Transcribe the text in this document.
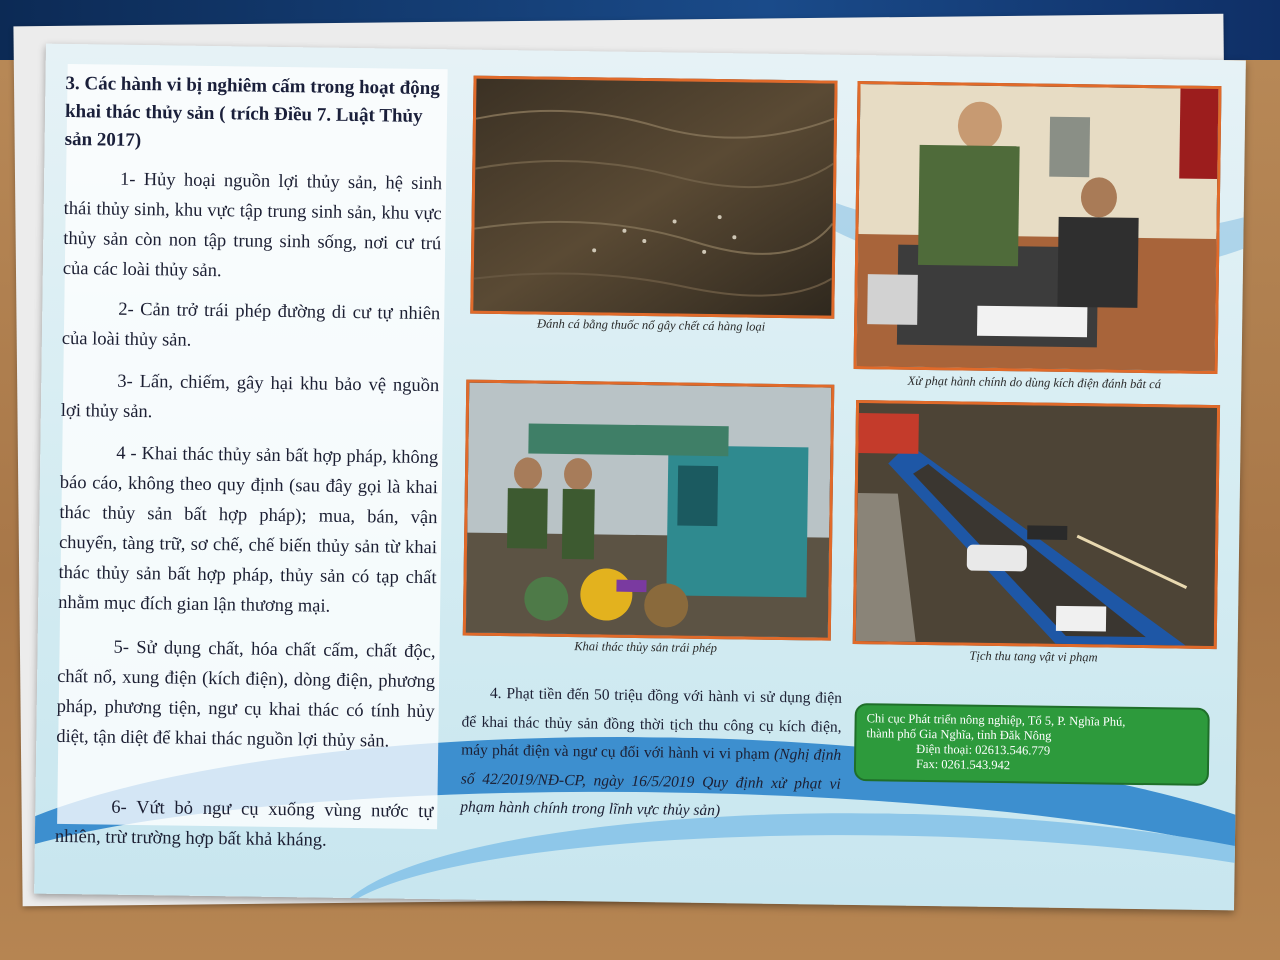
3. Các hành vi bị nghiêm cấm trong hoạt động khai thác thủy sản ( trích Điều 7. Luật Thủy sản 2017)
1- Hủy hoại nguồn lợi thủy sản, hệ sinh thái thủy sinh, khu vực tập trung sinh sản, khu vực thủy sản còn non tập trung sinh sống, nơi cư trú của các loài thủy sản.
2- Cản trở trái phép đường di cư tự nhiên của loài thủy sản.
3- Lấn, chiếm, gây hại khu bảo vệ nguồn lợi thủy sản.
4 - Khai thác thủy sản bất hợp pháp, không báo cáo, không theo quy định (sau đây gọi là khai thác thủy sản bất hợp pháp); mua, bán, vận chuyển, tàng trữ, sơ chế, chế biến thủy sản từ khai thác thủy sản bất hợp pháp, thủy sản có tạp chất nhằm mục đích gian lận thương mại.
5- Sử dụng chất, hóa chất cấm, chất độc, chất nổ, xung điện (kích điện), dòng điện, phương pháp, phương tiện, ngư cụ khai thác có tính hủy diệt, tận diệt để khai thác nguồn lợi thủy sản.
6- Vứt bỏ ngư cụ xuống vùng nước tự nhiên, trừ trường hợp bất khả kháng.
Đánh cá bằng thuốc nổ gây chết cá hàng loại
Xử phạt hành chính do dùng kích điện đánh bắt cá
Khai thác thủy sản trái phép
Tịch thu tang vật vi phạm
4. Phạt tiền đến 50 triệu đồng với hành vi sử dụng điện để khai thác thủy sản đồng thời tịch thu công cụ kích điện, máy phát điện và ngư cụ đối với hành vi vi phạm (Nghị định số 42/2019/NĐ-CP, ngày 16/5/2019 Quy định xử phạt vi phạm hành chính trong lĩnh vực thủy sản)
Chi cục Phát triển nông nghiệp, Tổ 5, P. Nghĩa Phú,
thành phố Gia Nghĩa, tỉnh Đăk Nông
Điện thoại: 02613.546.779
Fax: 0261.543.942
